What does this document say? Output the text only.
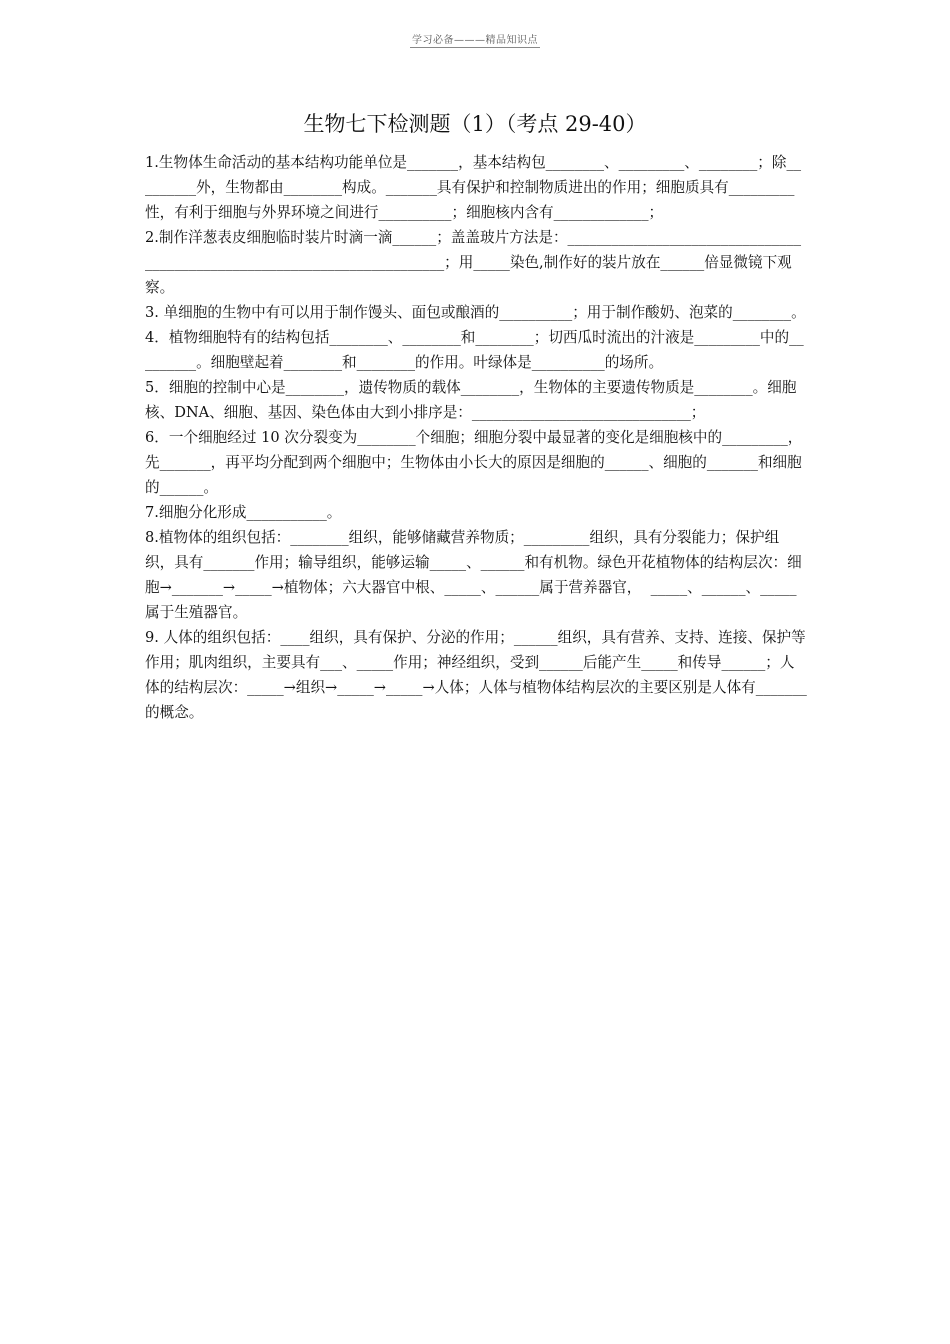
学习必备———精品知识点
生物七下检测题（1）（考点 29-40）

1.生物体生命活动的基本结构功能单位是_______，基本结构包________、_________、________；除_________外，生物都由________构成。_______具有保护和控制物质进出的作用；细胞质具有_________性，有利于细胞与外界环境之间进行__________；细胞核内含有_____________；

2.制作洋葱表皮细胞临时装片时滴一滴______；盖盖玻片方法是：_________________________________________________________________________；用_____染色,制作好的装片放在______倍显微镜下观察。

3. 单细胞的生物中有可以用于制作馒头、面包或酿酒的__________；用于制作酸奶、泡菜的________。

4．植物细胞特有的结构包括________、________和________；切西瓜时流出的汁液是_________中的_________。细胞壁起着________和________的作用。叶绿体是__________的场所。

5．细胞的控制中心是________，遗传物质的载体________，生物体的主要遗传物质是________。细胞核、DNA、细胞、基因、染色体由大到小排序是：______________________________；

6．一个细胞经过 10 次分裂变为________个细胞；细胞分裂中最显著的变化是细胞核中的_________，先_______，再平均分配到两个细胞中；生物体由小长大的原因是细胞的______、细胞的_______和细胞的______。

7.细胞分化形成___________。

8.植物体的组织包括：________组织，能够储藏营养物质；_________组织，具有分裂能力；保护组织，具有_______作用；输导组织，能够运输_____、______和有机物。绿色开花植物体的结构层次：细胞→_______→_____→植物体；六大器官中根、_____、______属于营养器官，  _____、______、_____属于生殖器官。

9. 人体的组织包括：____组织，具有保护、分泌的作用；______组织，具有营养、支持、连接、保护等作用；肌肉组织，主要具有___、_____作用；神经组织，受到______后能产生_____和传导______；人体的结构层次：_____→组织→_____→_____→人体；人体与植物体结构层次的主要区别是人体有_______的概念。
